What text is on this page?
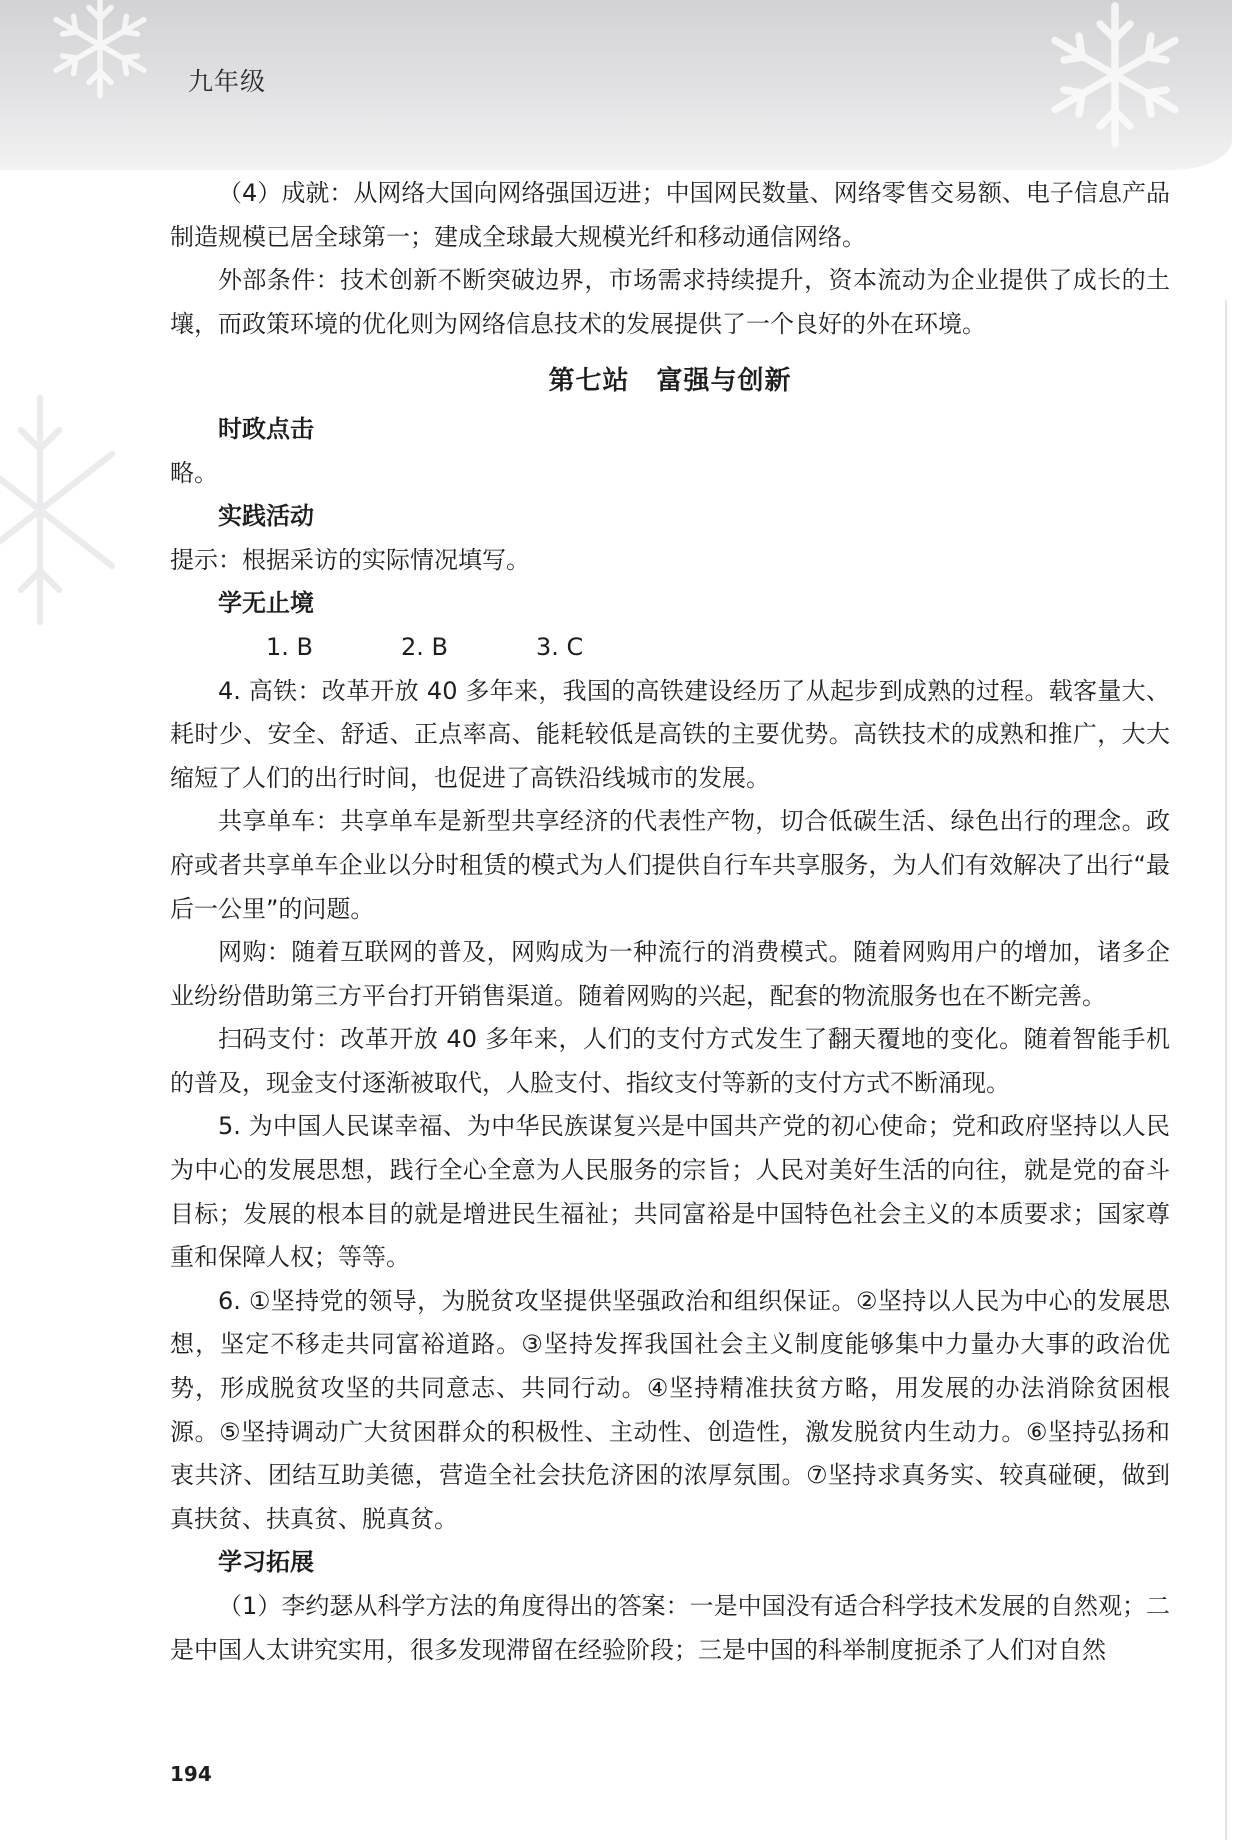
九年级

（4）成就：从网络大国向网络强国迈进；中国网民数量、网络零售交易额、电子信息产品制造规模已居全球第一；建成全球最大规模光纤和移动通信网络。

外部条件：技术创新不断突破边界，市场需求持续提升，资本流动为企业提供了成长的土壤，而政策环境的优化则为网络信息技术的发展提供了一个良好的外在环境。

第七站　富强与创新

时政点击

略。

实践活动

提示：根据采访的实际情况填写。

学无止境

1. B	2. B	3. C

4. 高铁：改革开放 40 多年来，我国的高铁建设经历了从起步到成熟的过程。载客量大、耗时少、安全、舒适、正点率高、能耗较低是高铁的主要优势。高铁技术的成熟和推广，大大缩短了人们的出行时间，也促进了高铁沿线城市的发展。

共享单车：共享单车是新型共享经济的代表性产物，切合低碳生活、绿色出行的理念。政府或者共享单车企业以分时租赁的模式为人们提供自行车共享服务，为人们有效解决了出行“最后一公里”的问题。

网购：随着互联网的普及，网购成为一种流行的消费模式。随着网购用户的增加，诸多企业纷纷借助第三方平台打开销售渠道。随着网购的兴起，配套的物流服务也在不断完善。

扫码支付：改革开放 40 多年来，人们的支付方式发生了翻天覆地的变化。随着智能手机的普及，现金支付逐渐被取代，人脸支付、指纹支付等新的支付方式不断涌现。

5. 为中国人民谋幸福、为中华民族谋复兴是中国共产党的初心使命；党和政府坚持以人民为中心的发展思想，践行全心全意为人民服务的宗旨；人民对美好生活的向往，就是党的奋斗目标；发展的根本目的就是增进民生福祉；共同富裕是中国特色社会主义的本质要求；国家尊重和保障人权；等等。

6. ①坚持党的领导，为脱贫攻坚提供坚强政治和组织保证。②坚持以人民为中心的发展思想，坚定不移走共同富裕道路。③坚持发挥我国社会主义制度能够集中力量办大事的政治优势，形成脱贫攻坚的共同意志、共同行动。④坚持精准扶贫方略，用发展的办法消除贫困根源。⑤坚持调动广大贫困群众的积极性、主动性、创造性，激发脱贫内生动力。⑥坚持弘扬和衷共济、团结互助美德，营造全社会扶危济困的浓厚氛围。⑦坚持求真务实、较真碰硬，做到真扶贫、扶真贫、脱真贫。

学习拓展

（1）李约瑟从科学方法的角度得出的答案：一是中国没有适合科学技术发展的自然观；二是中国人太讲究实用，很多发现滞留在经验阶段；三是中国的科举制度扼杀了人们对自然

194
